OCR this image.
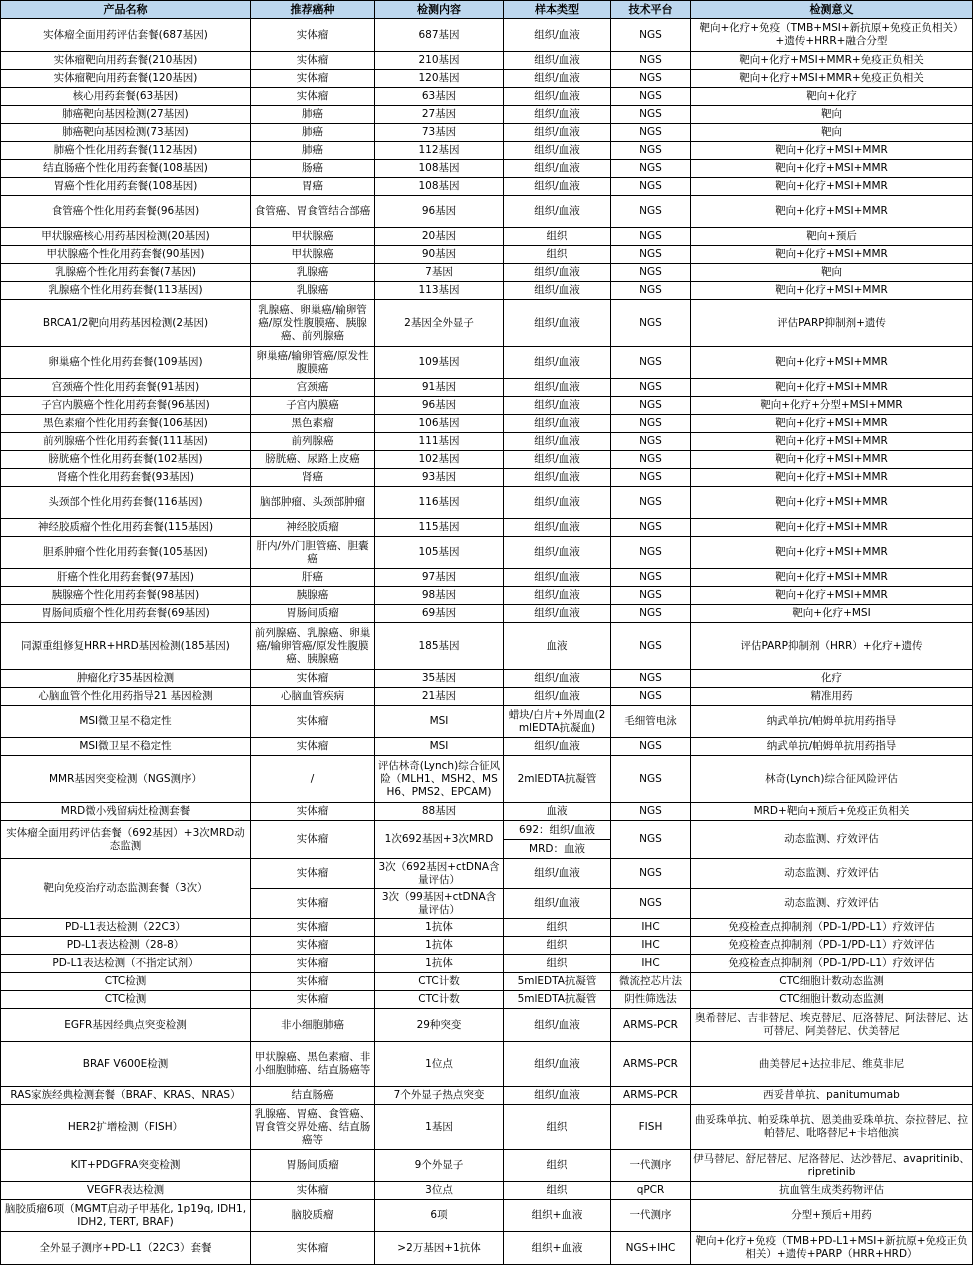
产品名称	推荐癌种	检测内容	样本类型	技术平台	检测意义
实体瘤全面用药评估套餐(687基因)	实体瘤	687基因	组织/血液	NGS	靶向+化疗+免疫（TMB+MSI+新抗原+免疫正负相关）+遗传+HRR+融合分型
实体瘤靶向用药套餐(210基因)	实体瘤	210基因	组织/血液	NGS	靶向+化疗+MSI+MMR+免疫正负相关
实体瘤靶向用药套餐(120基因)	实体瘤	120基因	组织/血液	NGS	靶向+化疗+MSI+MMR+免疫正负相关
核心用药套餐(63基因)	实体瘤	63基因	组织/血液	NGS	靶向+化疗
肺癌靶向基因检测(27基因)	肺癌	27基因	组织/血液	NGS	靶向
肺癌靶向基因检测(73基因)	肺癌	73基因	组织/血液	NGS	靶向
肺癌个性化用药套餐(112基因)	肺癌	112基因	组织/血液	NGS	靶向+化疗+MSI+MMR
结直肠癌个性化用药套餐(108基因)	肠癌	108基因	组织/血液	NGS	靶向+化疗+MSI+MMR
胃癌个性化用药套餐(108基因)	胃癌	108基因	组织/血液	NGS	靶向+化疗+MSI+MMR
食管癌个性化用药套餐(96基因)	食管癌、胃食管结合部癌	96基因	组织/血液	NGS	靶向+化疗+MSI+MMR
甲状腺癌核心用药基因检测(20基因)	甲状腺癌	20基因	组织	NGS	靶向+预后
甲状腺癌个性化用药套餐(90基因)	甲状腺癌	90基因	组织	NGS	靶向+化疗+MSI+MMR
乳腺癌个性化用药套餐(7基因)	乳腺癌	7基因	组织/血液	NGS	靶向
乳腺癌个性化用药套餐(113基因)	乳腺癌	113基因	组织/血液	NGS	靶向+化疗+MSI+MMR
BRCA1/2靶向用药基因检测(2基因)	乳腺癌、卵巢癌/输卵管癌/原发性腹膜癌、胰腺癌、前列腺癌	2基因全外显子	组织/血液	NGS	评估PARP抑制剂+遗传
卵巢癌个性化用药套餐(109基因)	卵巢癌/输卵管癌/原发性腹膜癌	109基因	组织/血液	NGS	靶向+化疗+MSI+MMR
宫颈癌个性化用药套餐(91基因)	宫颈癌	91基因	组织/血液	NGS	靶向+化疗+MSI+MMR
子宫内膜癌个性化用药套餐(96基因)	子宫内膜癌	96基因	组织/血液	NGS	靶向+化疗+分型+MSI+MMR
黑色素瘤个性化用药套餐(106基因)	黑色素瘤	106基因	组织/血液	NGS	靶向+化疗+MSI+MMR
前列腺癌个性化用药套餐(111基因)	前列腺癌	111基因	组织/血液	NGS	靶向+化疗+MSI+MMR
膀胱癌个性化用药套餐(102基因)	膀胱癌、尿路上皮癌	102基因	组织/血液	NGS	靶向+化疗+MSI+MMR
肾癌个性化用药套餐(93基因)	肾癌	93基因	组织/血液	NGS	靶向+化疗+MSI+MMR
头颈部个性化用药套餐(116基因)	脑部肿瘤、头颈部肿瘤	116基因	组织/血液	NGS	靶向+化疗+MSI+MMR
神经胶质瘤个性化用药套餐(115基因)	神经胶质瘤	115基因	组织/血液	NGS	靶向+化疗+MSI+MMR
胆系肿瘤个性化用药套餐(105基因)	肝内/外/门胆管癌、胆囊癌	105基因	组织/血液	NGS	靶向+化疗+MSI+MMR
肝癌个性化用药套餐(97基因)	肝癌	97基因	组织/血液	NGS	靶向+化疗+MSI+MMR
胰腺癌个性化用药套餐(98基因)	胰腺癌	98基因	组织/血液	NGS	靶向+化疗+MSI+MMR
胃肠间质瘤个性化用药套餐(69基因)	胃肠间质瘤	69基因	组织/血液	NGS	靶向+化疗+MSI
同源重组修复HRR+HRD基因检测(185基因)	前列腺癌、乳腺癌、卵巢癌/输卵管癌/原发性腹膜癌、胰腺癌	185基因	血液	NGS	评估PARP抑制剂（HRR）+化疗+遗传
肿瘤化疗35基因检测	实体瘤	35基因	组织/血液	NGS	化疗
心脑血管个性化用药指导21 基因检测	心脑血管疾病	21基因	组织/血液	NGS	精准用药
MSI微卫星不稳定性	实体瘤	MSI	蜡块/白片+外周血(2mlEDTA抗凝血)	毛细管电泳	纳武单抗/帕姆单抗用药指导
MSI微卫星不稳定性	实体瘤	MSI	组织/血液	NGS	纳武单抗/帕姆单抗用药指导
MMR基因突变检测（NGS测序）	/	评估林奇(Lynch)综合征风险（MLH1、MSH2、MSH6、PMS2、EPCAM)	2mlEDTA抗凝管	NGS	林奇(Lynch)综合征风险评估
MRD微小残留病灶检测套餐	实体瘤	88基因	血液	NGS	MRD+靶向+预后+免疫正负相关
实体瘤全面用药评估套餐（692基因）+3次MRD动态监测	实体瘤	1次692基因+3次MRD	692：组织/血液	NGS	动态监测、疗效评估
			MRD：血液		
靶向免疫治疗动态监测套餐（3次）	实体瘤	3次（692基因+ctDNA含量评估）	组织/血液	NGS	动态监测、疗效评估
	实体瘤	3次（99基因+ctDNA含量评估）	组织/血液	NGS	动态监测、疗效评估
PD-L1表达检测（22C3）	实体瘤	1抗体	组织	IHC	免疫检查点抑制剂（PD-1/PD-L1）疗效评估
PD-L1表达检测（28-8）	实体瘤	1抗体	组织	IHC	免疫检查点抑制剂（PD-1/PD-L1）疗效评估
PD-L1表达检测（不指定试剂）	实体瘤	1抗体	组织	IHC	免疫检查点抑制剂（PD-1/PD-L1）疗效评估
CTC检测	实体瘤	CTC计数	5mlEDTA抗凝管	微流控芯片法	CTC细胞计数动态监测
CTC检测	实体瘤	CTC计数	5mlEDTA抗凝管	阴性筛选法	CTC细胞计数动态监测
EGFR基因经典点突变检测	非小细胞肺癌	29种突变	组织/血液	ARMS-PCR	奥希替尼、吉非替尼、埃克替尼、厄洛替尼、阿法替尼、达可替尼、阿美替尼、伏美替尼
BRAF V600E检测	甲状腺癌、黑色素瘤、非小细胞肺癌、结直肠癌等	1位点	组织/血液	ARMS-PCR	曲美替尼+达拉非尼、维莫非尼
RAS家族经典检测套餐（BRAF、KRAS、NRAS）	结直肠癌	7个外显子热点突变	组织/血液	ARMS-PCR	西妥昔单抗、panitumumab
HER2扩增检测（FISH）	乳腺癌、胃癌、食管癌、胃食管交界处癌、结直肠癌等	1基因	组织	FISH	曲妥珠单抗、帕妥珠单抗、恩美曲妥珠单抗、奈拉替尼、拉帕替尼、吡咯替尼+卡培他滨
KIT+PDGFRA突变检测	胃肠间质瘤	9个外显子	组织	一代测序	伊马替尼、舒尼替尼、尼洛替尼、达沙替尼、avapritinib、ripretinib
VEGFR表达检测	实体瘤	3位点	组织	qPCR	抗血管生成类药物评估
脑胶质瘤6项（MGMT启动子甲基化, 1p19q, IDH1, IDH2, TERT, BRAF)	脑胶质瘤	6项	组织+血液	一代测序	分型+预后+用药
全外显子测序+PD-L1（22C3）套餐	实体瘤	>2万基因+1抗体	组织+血液	NGS+IHC	靶向+化疗+免疫（TMB+PD-L1+MSI+新抗原+免疫正负相关）+遗传+PARP（HRR+HRD）
